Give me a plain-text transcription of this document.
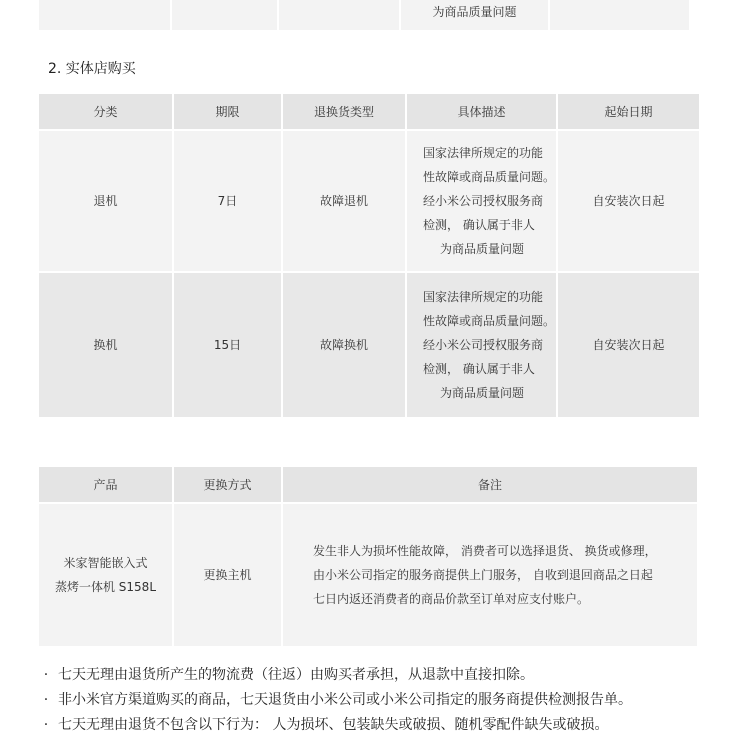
为商品质量问题
2. 实体店购买
分类	期限	退换货类型	具体描述	起始日期

退机	7日	故障退机	国家法律所规定的功能
性故障或商品质量问题。
经小米公司授权服务商
检测， 确认属于非人
为商品质量问题	自安装次日起

换机	15日	故障换机	国家法律所规定的功能
性故障或商品质量问题。
经小米公司授权服务商
检测， 确认属于非人
为商品质量问题	自安装次日起
产品	更换方式	备注

米家智能嵌入式
蒸烤一体机 S158L	更换主机	发生非人为损坏性能故障， 消费者可以选择退货、 换货或修理，
由小米公司指定的服务商提供上门服务， 自收到退回商品之日起
七日内返还消费者的商品价款至订单对应支付账户。
· 七天无理由退货所产生的物流费（往返）由购买者承担，从退款中直接扣除。
· 非小米官方渠道购买的商品，七天退货由小米公司或小米公司指定的服务商提供检测报告单。
· 七天无理由退货不包含以下行为： 人为损坏、包装缺失或破损、随机零配件缺失或破损。
